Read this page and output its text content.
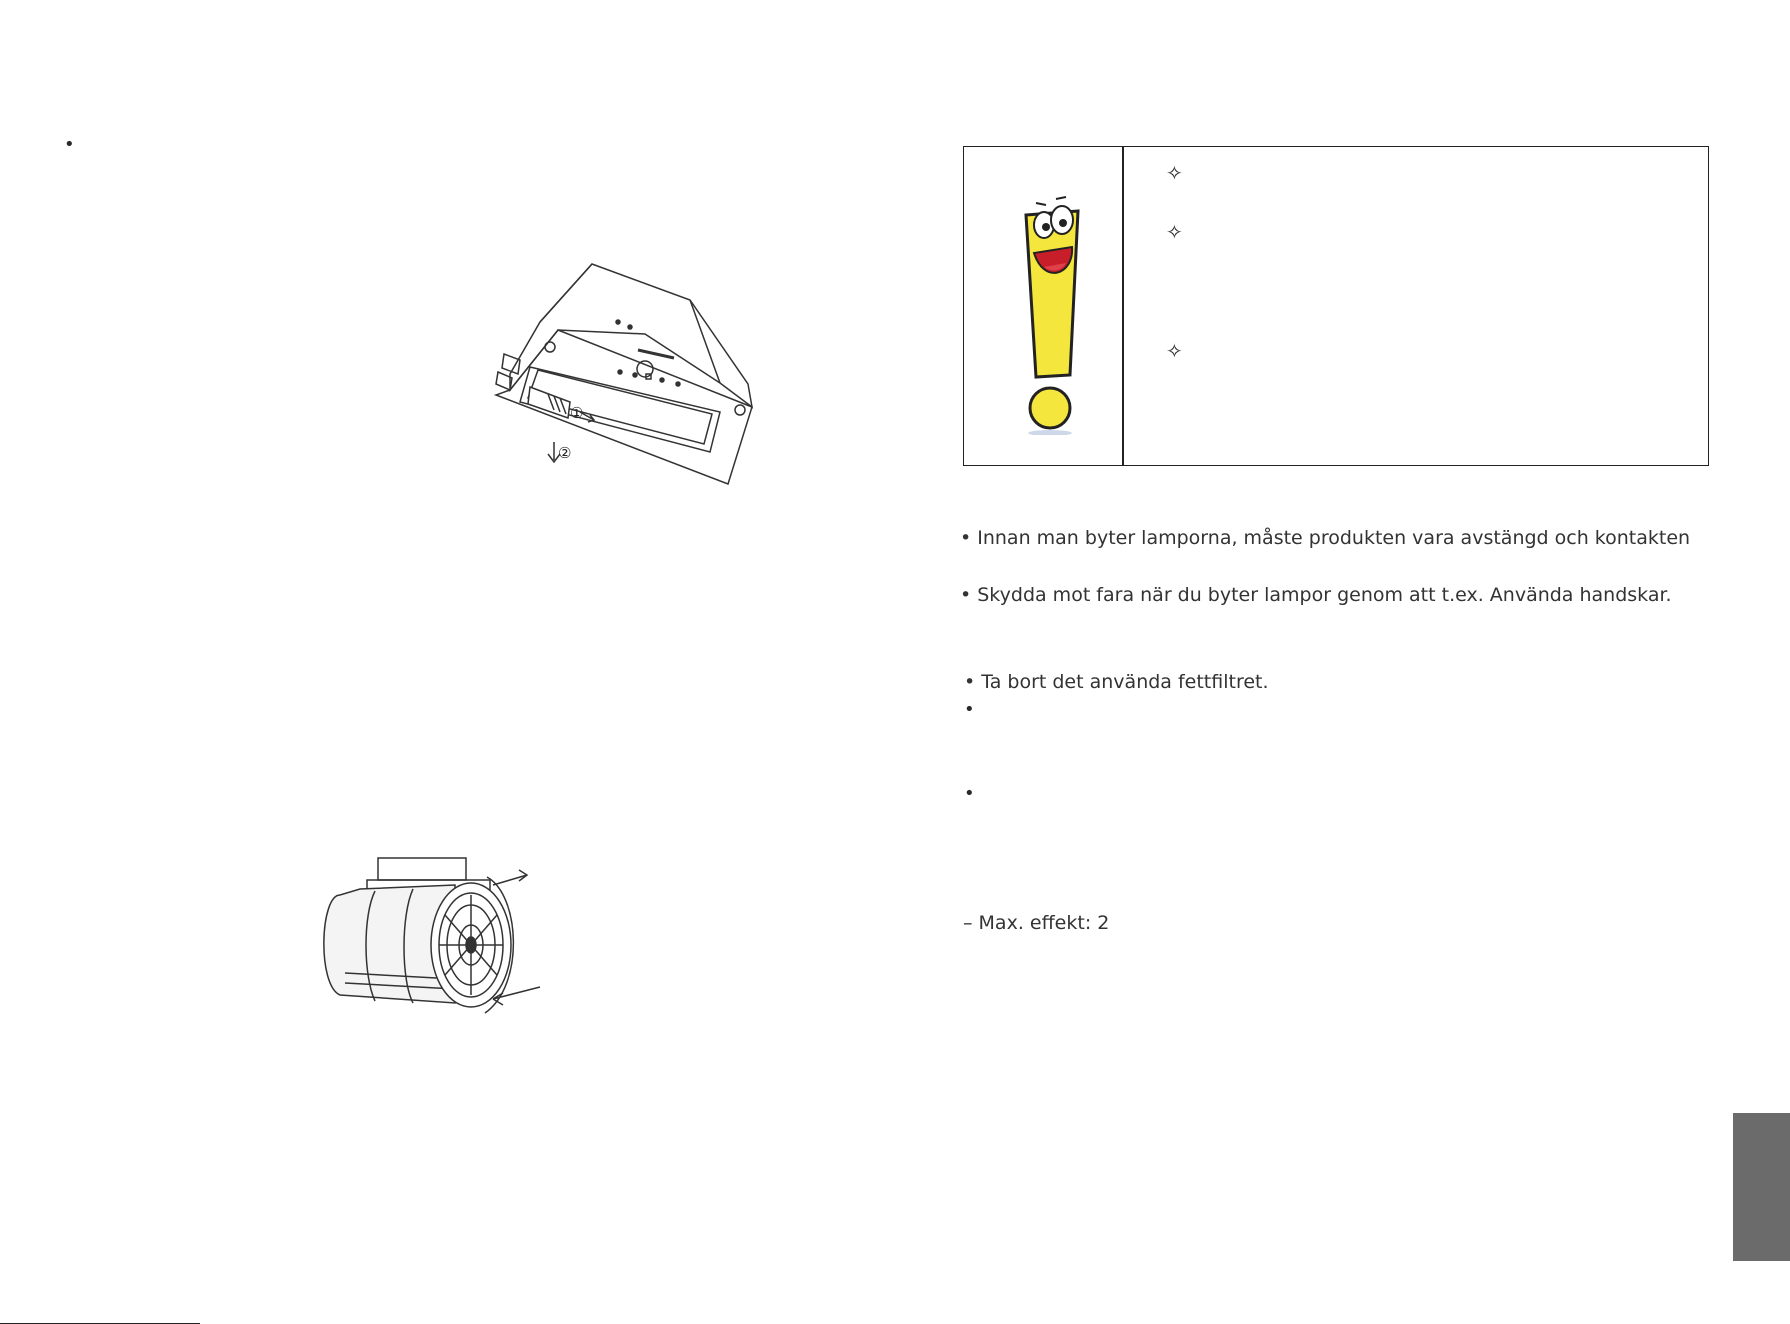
•
①
②
✧
✧
✧
• Innan man byter lamporna, måste produkten vara avstängd och kontakten
• Skydda mot fara när du byter lampor genom att t.ex. Använda handskar.
• Ta bort det använda fettfiltret.
•
•
– Max. effekt: 2
